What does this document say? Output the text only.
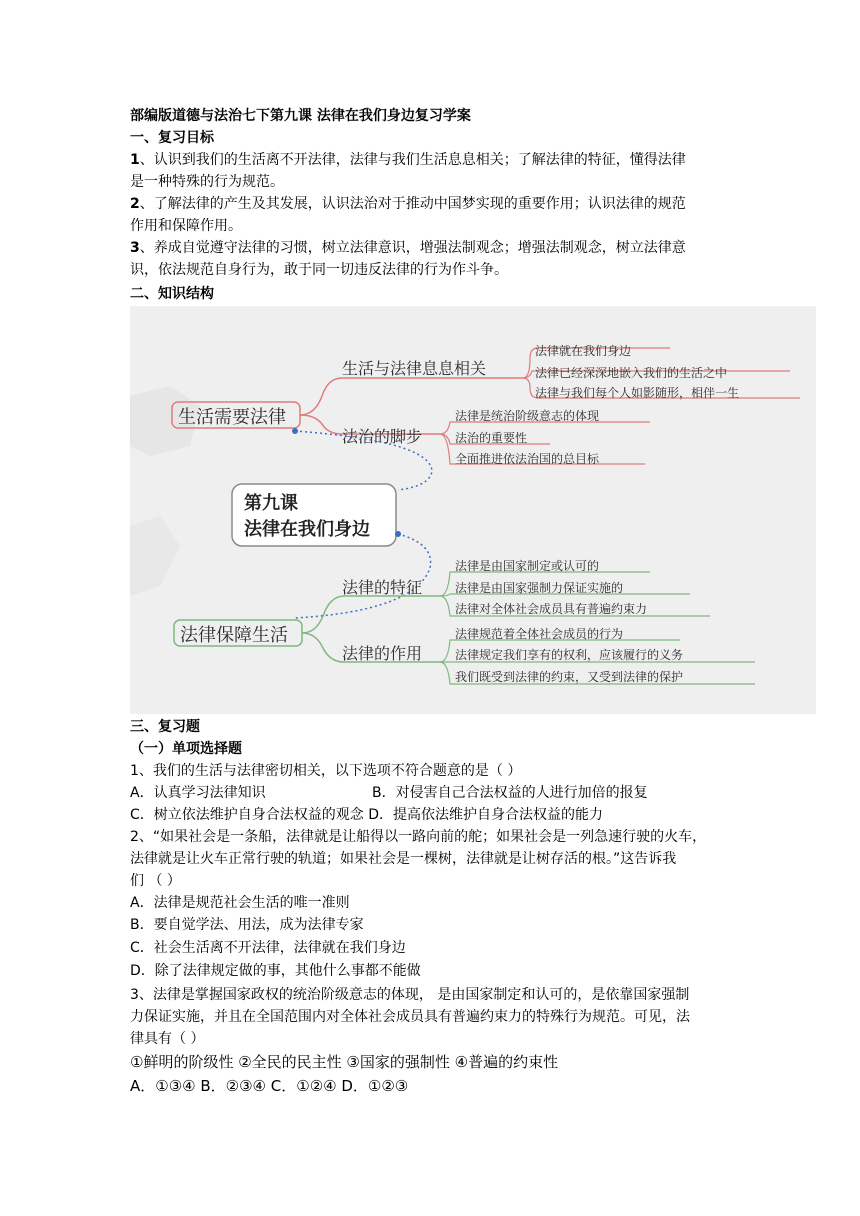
部编版道德与法治七下第九课 法律在我们身边复习学案
一、复习目标
1、认识到我们的生活离不开法律，法律与我们生活息息相关；了解法律的特征，懂得法律
是一种特殊的行为规范。
2、了解法律的产生及其发展，认识法治对于推动中国梦实现的重要作用；认识法律的规范
作用和保障作用。
3、养成自觉遵守法律的习惯，树立法律意识，增强法制观念；增强法制观念，树立法律意
识，依法规范自身行为，敢于同一切违反法律的行为作斗争。
二、知识结构
生活需要法律
生活与法律息息相关
法治的脚步
法律就在我们身边
法律已经深深地嵌入我们的生活之中
法律与我们每个人如影随形，相伴一生
法律是统治阶级意志的体现
法治的重要性
全面推进依法治国的总目标
第九课
法律在我们身边
法律保障生活
法律的特征
法律的作用
法律是由国家制定或认可的
法律是由国家强制力保证实施的
法律对全体社会成员具有普遍约束力
法律规范着全体社会成员的行为
法律规定我们享有的权利，应该履行的义务
我们既受到法律的约束，又受到法律的保护
三、复习题
（一）单项选择题
1、我们的生活与法律密切相关，以下选项不符合题意的是（ ）
A．认真学习法律知识	B．对侵害自己合法权益的人进行加倍的报复
C．树立依法维护自身合法权益的观念 D．提高依法维护自身合法权益的能力
2、“如果社会是一条船，法律就是让船得以一路向前的舵；如果社会是一列急速行驶的火车，
法律就是让火车正常行驶的轨道；如果社会是一棵树，法律就是让树存活的根。”这告诉我
们 （ ）
A．法律是规范社会生活的唯一准则
B．要自觉学法、用法，成为法律专家
C．社会生活离不开法律，法律就在我们身边
D．除了法律规定做的事，其他什么事都不能做
3、法律是掌握国家政权的统治阶级意志的体现， 是由国家制定和认可的，是依靠国家强制
力保证实施，并且在全国范围内对全体社会成员具有普遍约束力的特殊行为规范。可见，法
律具有（ ）
①鲜明的阶级性 ②全民的民主性 ③国家的强制性 ④普遍的约束性
A．①③④ B．②③④ C．①②④ D．①②③
